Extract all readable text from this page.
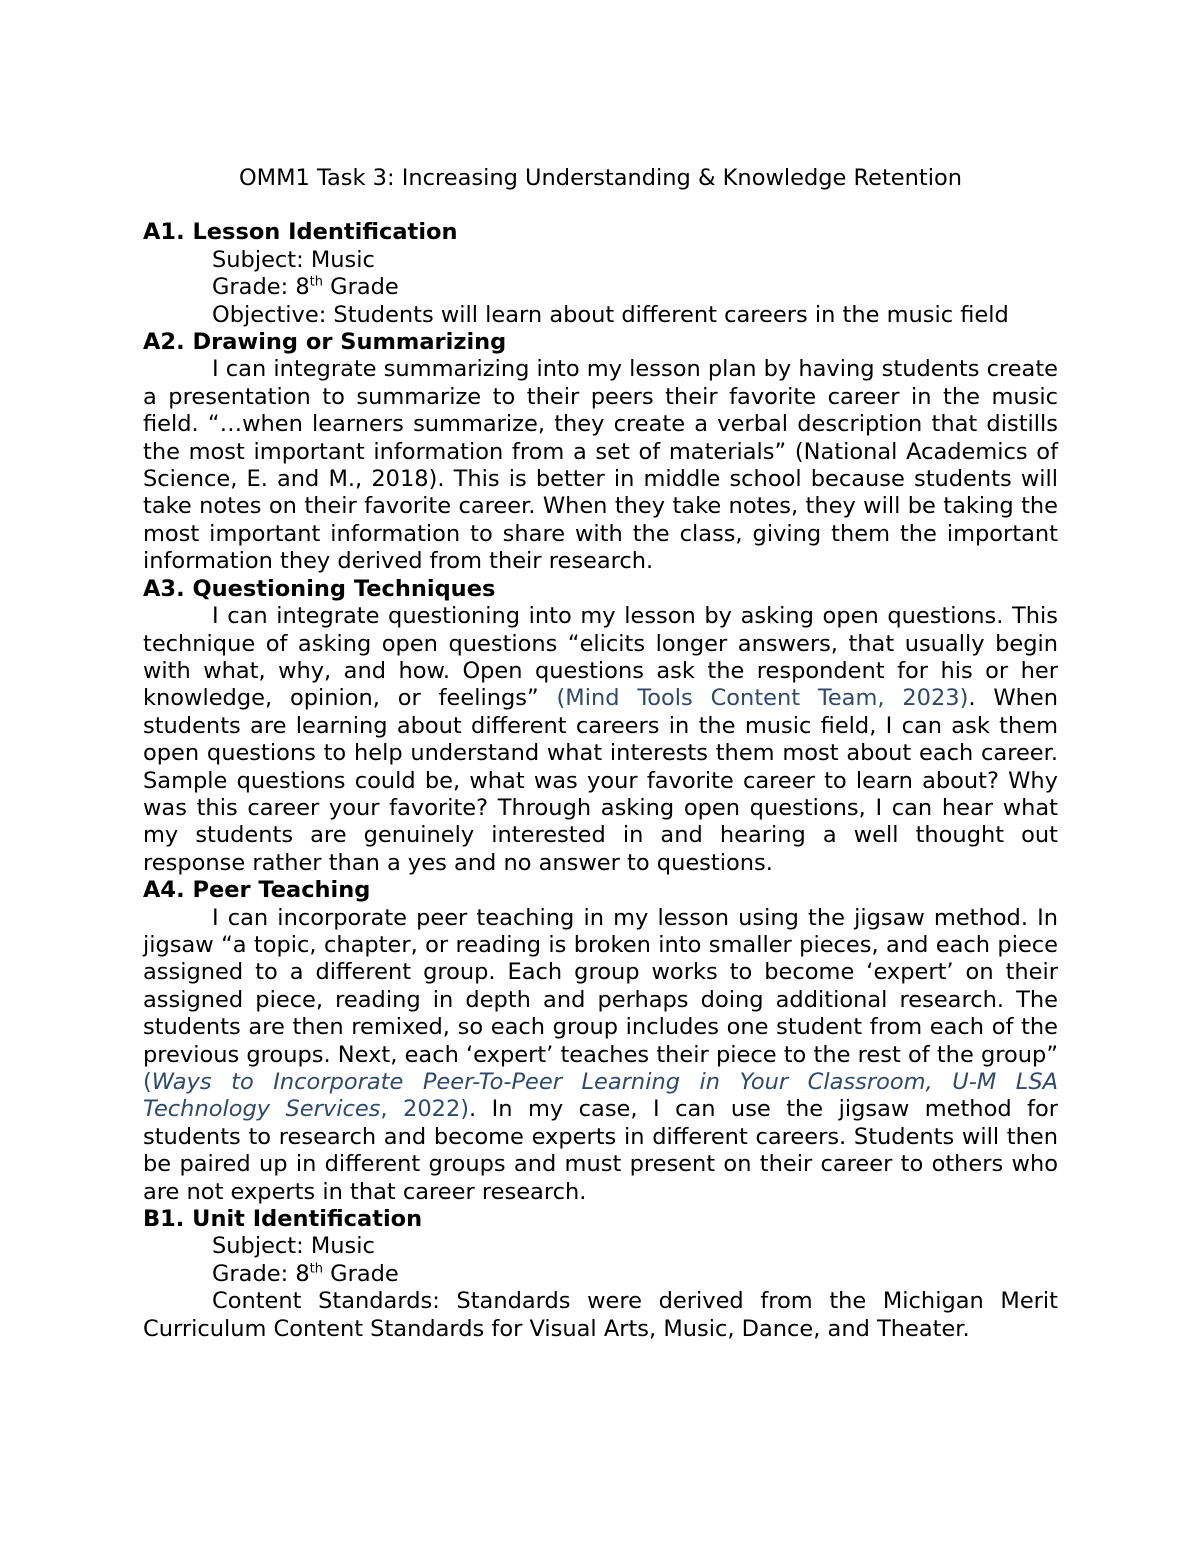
OMM1 Task 3: Increasing Understanding & Knowledge Retention

A1. Lesson Identification

Subject: Music

Grade: 8th Grade

Objective: Students will learn about different careers in the music field

A2. Drawing or Summarizing

I can integrate summarizing into my lesson plan by having students create a presentation to summarize to their peers their favorite career in the music field. “…when learners summarize, they create a verbal description that distills the most important information from a set of materials” (National Academics of Science, E. and M., 2018). This is better in middle school because students will take notes on their favorite career. When they take notes, they will be taking the most important information to share with the class, giving them the important information they derived from their research.

A3. Questioning Techniques

I can integrate questioning into my lesson by asking open questions. This technique of asking open questions “elicits longer answers, that usually begin with what, why, and how. Open questions ask the respondent for his or her knowledge, opinion, or feelings” (Mind Tools Content Team, 2023). When students are learning about different careers in the music field, I can ask them open questions to help understand what interests them most about each career. Sample questions could be, what was your favorite career to learn about? Why was this career your favorite? Through asking open questions, I can hear what my students are genuinely interested in and hearing a well thought out response rather than a yes and no answer to questions.

A4. Peer Teaching

I can incorporate peer teaching in my lesson using the jigsaw method. In jigsaw “a topic, chapter, or reading is broken into smaller pieces, and each piece assigned to a different group. Each group works to become ‘expert’ on their assigned piece, reading in depth and perhaps doing additional research. The students are then remixed, so each group includes one student from each of the previous groups. Next, each ‘expert’ teaches their piece to the rest of the group” (Ways to Incorporate Peer-To-Peer Learning in Your Classroom, U-M LSA Technology Services, 2022). In my case, I can use the jigsaw method for students to research and become experts in different careers. Students will then be paired up in different groups and must present on their career to others who are not experts in that career research.

B1. Unit Identification

Subject: Music

Grade: 8th Grade

Content Standards: Standards were derived from the Michigan Merit Curriculum Content Standards for Visual Arts, Music, Dance, and Theater.
